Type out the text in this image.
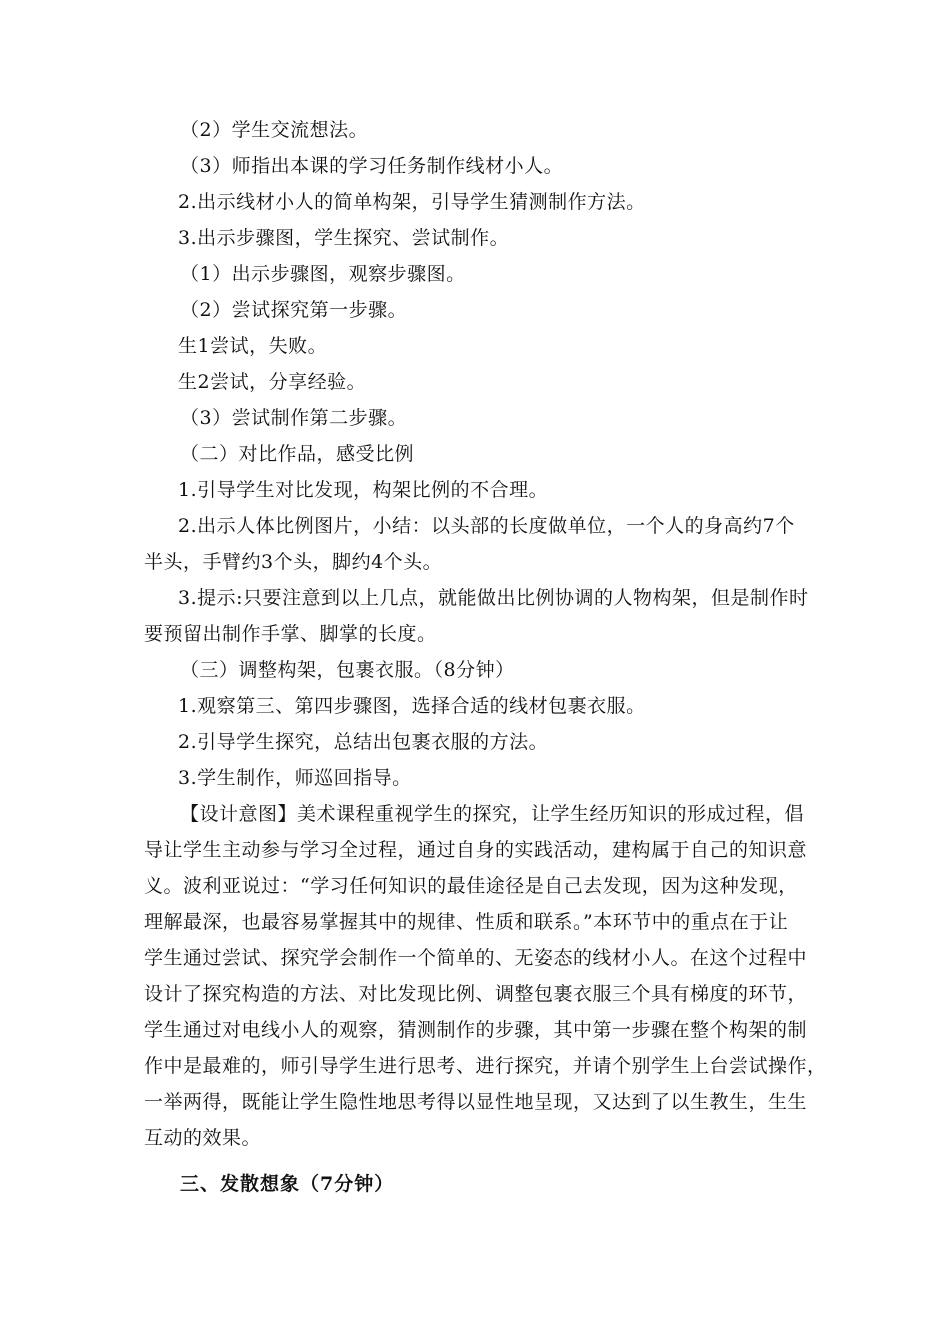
（2）学生交流想法。
（3）师指出本课的学习任务制作线材小人。
2.出示线材小人的简单构架，引导学生猜测制作方法。
3.出示步骤图，学生探究、尝试制作。
（1）出示步骤图，观察步骤图。
（2）尝试探究第一步骤。
生1尝试，失败。
生2尝试，分享经验。
（3）尝试制作第二步骤。
（二）对比作品，感受比例
1.引导学生对比发现，构架比例的不合理。
2.出示人体比例图片，小结：以头部的长度做单位，一个人的身高约7个
半头，手臂约3个头，脚约4个头。
3.提示:只要注意到以上几点，就能做出比例协调的人物构架，但是制作时
要预留出制作手掌、脚掌的长度。
（三）调整构架，包裹衣服。（8分钟）
1.观察第三、第四步骤图，选择合适的线材包裹衣服。
2.引导学生探究，总结出包裹衣服的方法。
3.学生制作，师巡回指导。
【设计意图】美术课程重视学生的探究，让学生经历知识的形成过程，倡
导让学生主动参与学习全过程，通过自身的实践活动，建构属于自己的知识意
义。波利亚说过：“学习任何知识的最佳途径是自己去发现，因为这种发现，
理解最深，也最容易掌握其中的规律、性质和联系。”本环节中的重点在于让
学生通过尝试、探究学会制作一个简单的、无姿态的线材小人。在这个过程中
设计了探究构造的方法、对比发现比例、调整包裹衣服三个具有梯度的环节，
学生通过对电线小人的观察，猜测制作的步骤，其中第一步骤在整个构架的制
作中是最难的，师引导学生进行思考、进行探究，并请个别学生上台尝试操作，
一举两得，既能让学生隐性地思考得以显性地呈现，又达到了以生教生，生生
互动的效果。
三、发散想象（7分钟）
